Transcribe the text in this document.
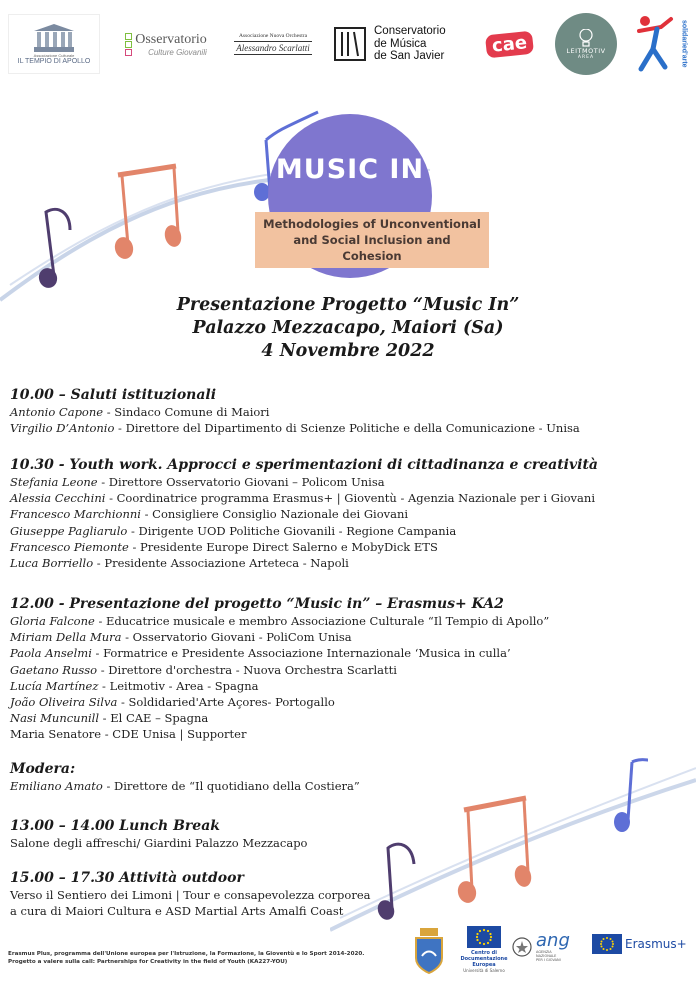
Associazione Culturale
IL TEMPIO DI APOLLO
Osservatorio
Culture Giovanili
Associazione Nuova Orchestra
Alessandro Scarlatti
Conservatorio
de Música
de San Javier	cae	LEITMOTIV
AREA	solidaried'arte
MUSIC IN
Methodologies of Unconventional
and Social Inclusion and Cohesion
Presentazione Progetto “Music In”
Palazzo Mezzacapo, Maiori (Sa)
4 Novembre 2022
10.00 – Saluti istituzionali
Antonio Capone - Sindaco Comune di Maiori
Virgilio D’Antonio - Direttore del Dipartimento di Scienze Politiche e della Comunicazione - Unisa
10.30 - Youth work. Approcci e sperimentazioni di cittadinanza e creatività
Stefania Leone - Direttore Osservatorio Giovani – Policom Unisa
Alessia Cecchini - Coordinatrice programma Erasmus+ | Gioventù - Agenzia Nazionale per i Giovani
Francesco Marchionni - Consigliere Consiglio Nazionale dei Giovani
Giuseppe Pagliarulo - Dirigente UOD Politiche Giovanili - Regione Campania
Francesco Piemonte - Presidente Europe Direct Salerno e MobyDick ETS
Luca Borriello - Presidente Associazione Arteteca - Napoli
12.00 - Presentazione del progetto “Music in” – Erasmus+ KA2
Gloria Falcone - Educatrice musicale e membro Associazione Culturale “Il Tempio di Apollo”
Miriam Della Mura - Osservatorio Giovani - PoliCom Unisa
Paola Anselmi - Formatrice e Presidente Associazione Internazionale ‘Musica in culla’
Gaetano Russo - Direttore d'orchestra - Nuova Orchestra Scarlatti
Lucía Martínez - Leitmotiv - Area - Spagna
João Oliveira Silva - Soldidaried'Arte Açores- Portogallo
Nasi Muncunill - El CAE – Spagna
Maria Senatore - CDE Unisa | Supporter
Modera:
Emiliano Amato - Direttore de “Il quotidiano della Costiera”
13.00 – 14.00 Lunch Break
Salone degli affreschi/ Giardini Palazzo Mezzacapo
15.00 – 17.30 Attività outdoor
Verso il Sentiero dei Limoni | Tour e consapevolezza corporea
a cura di Maiori Cultura e ASD Martial Arts Amalfi Coast
Erasmus Plus, programma dell'Unione europea per l'Istruzione, la Formazione, la Gioventù e lo Sport 2014-2020.
Progetto a valere sulla call: Partnerships for Creativity in the field of Youth (KA227-YOU)
Centro di
Documentazione
Europea
Università di Salerno
ang
AGENZIA
NAZIONALE
PER I GIOVANI
Erasmus+
